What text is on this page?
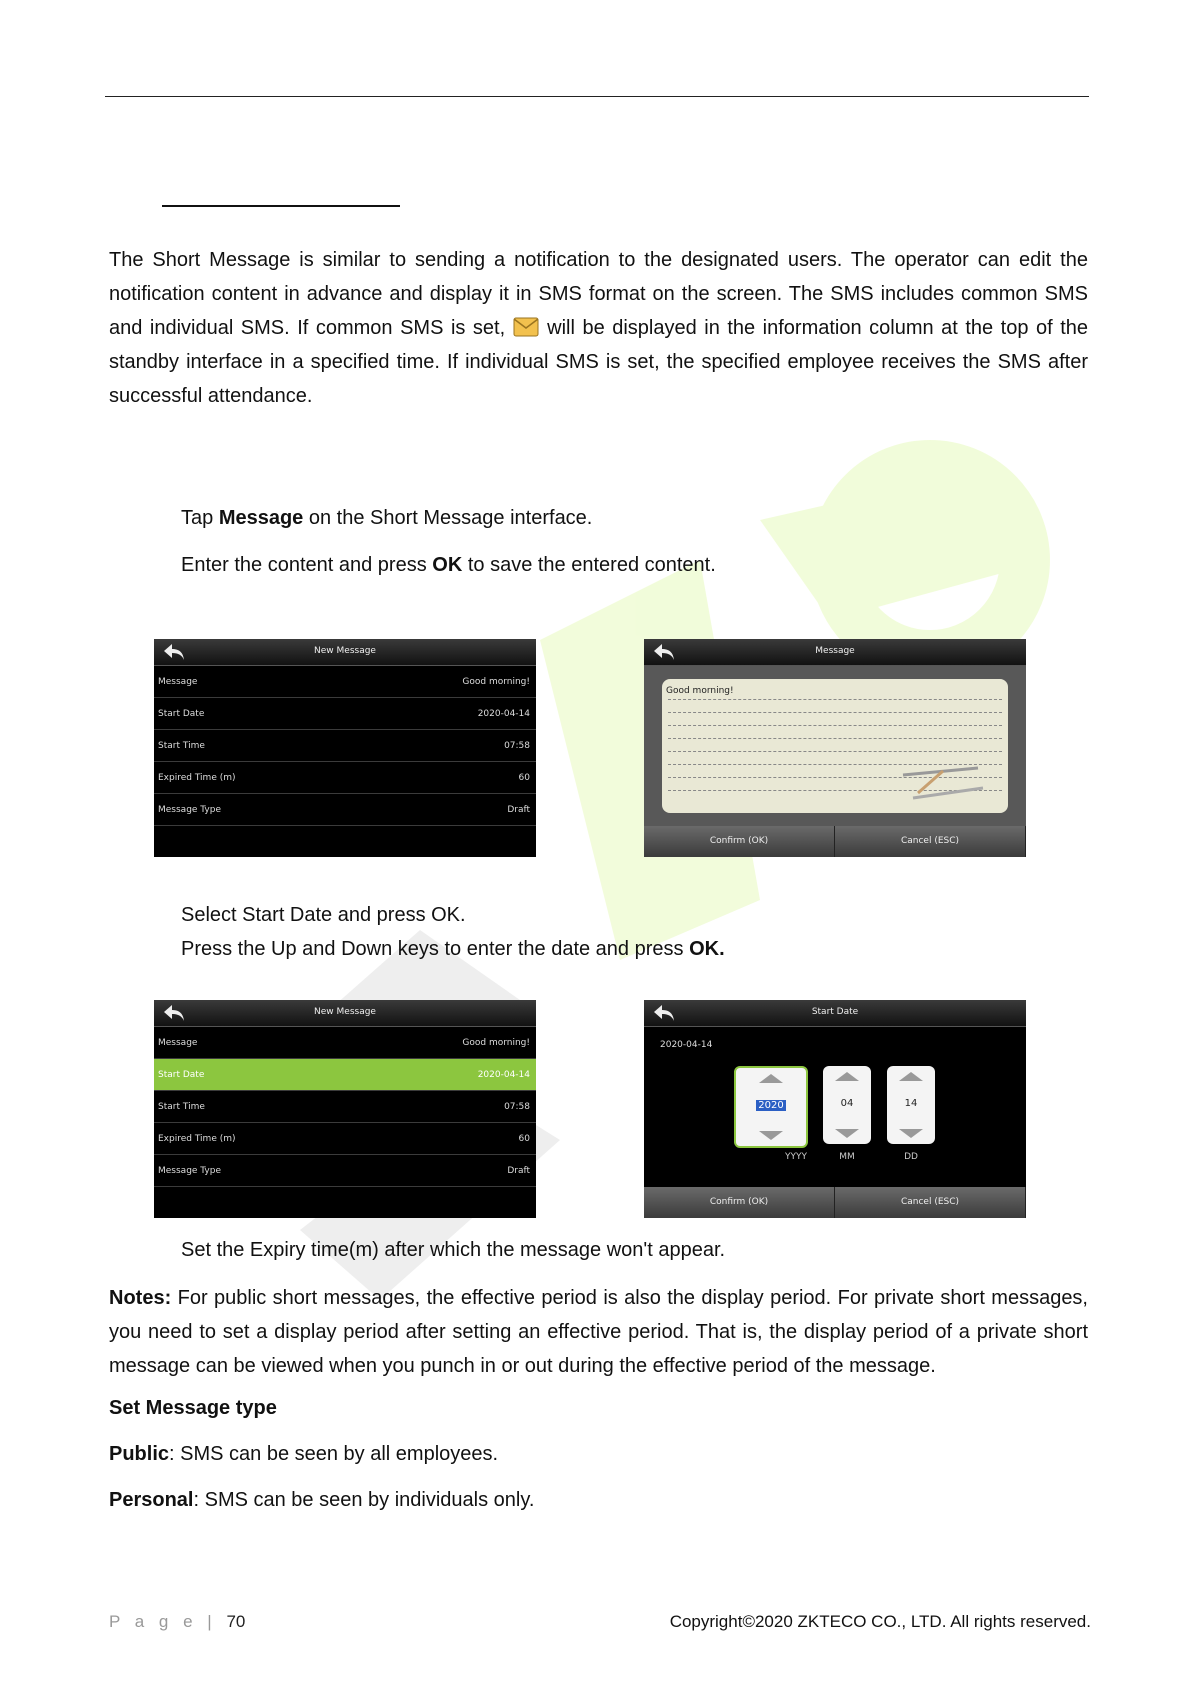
The Short Message is similar to sending a notification to the designated users. The operator can edit the notification content in advance and display it in SMS format on the screen. The SMS includes common SMS and individual SMS. If common SMS is set, will be displayed in the information column at the top of the standby interface in a specified time. If individual SMS is set, the specified employee receives the SMS after successful attendance.

Tap Message on the Short Message interface.
Enter the content and press OK to save the entered content.
New Message
Message	Good morning!
Start Date	2020-04-14
Start Time	07:58
Expired Time (m)	60
Message Type	Draft
Message
Good morning!
Confirm (OK)	Cancel (ESC)
Select Start Date and press OK.
Press the Up and Down keys to enter the date and press OK.
New Message
Message	Good morning!
Start Date	2020-04-14
Start Time	07:58
Expired Time (m)	60
Message Type	Draft
Start Date
2020-04-14
2020	04	14
YYYY	MM	DD
Confirm (OK)	Cancel (ESC)
Set the Expiry time(m) after which the message won't appear.

Notes: For public short messages, the effective period is also the display period. For private short messages, you need to set a display period after setting an effective period. That is, the display period of a private short message can be viewed when you punch in or out during the effective period of the message.

Set Message type
Public: SMS can be seen by all employees.
Personal: SMS can be seen by individuals only.
P a g e | 70	Copyright©2020 ZKTECO CO., LTD. All rights reserved.
